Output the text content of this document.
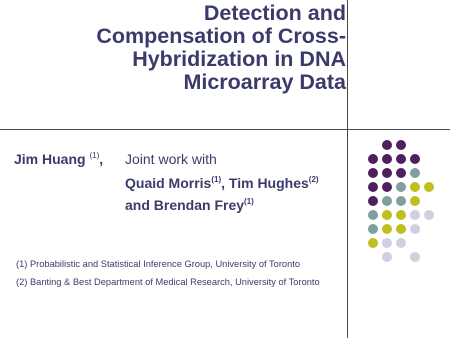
Detection and
Compensation of Cross-
Hybridization in DNA
Microarray Data
Jim Huang $^{(1)}$, Joint work with
Quaid Morris$^{(1)}$, Tim Hughes$^{(2)}$
and Brendan Frey$^{(1)}$
(1) Probabilistic and Statistical Inference Group, University of Toronto
(2) Banting & Best Department of Medical Research, University of Toronto
